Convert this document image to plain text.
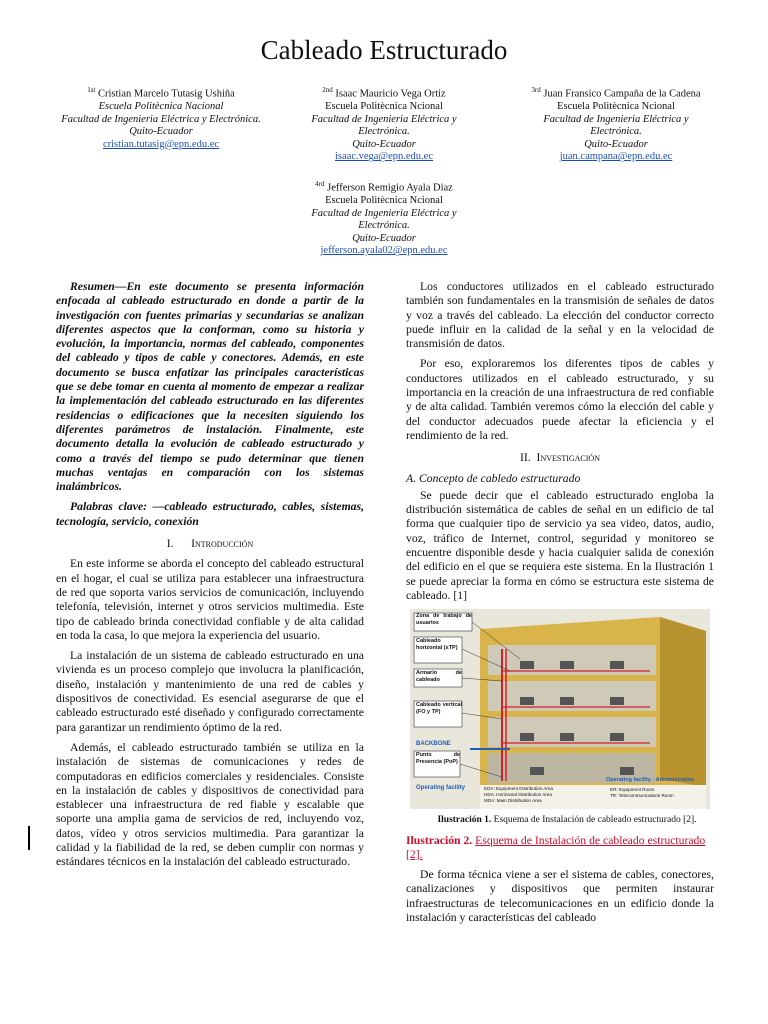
Cableado Estructurado
$^{1st}$ Cristian Marcelo Tutasig Ushiña
Escuela Politècnica Nacional
Facultad de Ingenieria Eléctrica y Electrónica.
Quito-Ecuador
cristian.tutasig@epn.edu.ec
$^{2nd}$ Isaac Mauricio Vega Ortiz
Escuela Politècnica Ncional
Facultad de Ingenieria Eléctrica y Electrónica.
Quito-Ecuador
isaac.vega@epn.edu.ec
$^{3rd}$ Juan Fransico Campaña de la Cadena
Escuela Politècnica Ncional
Facultad de Ingenieria Eléctrica y Electrónica.
Quito-Ecuador
juan.campana@epn.edu.ec
$^{4rd}$ Jefferson Remigio Ayala Diaz
Escuela Politècnica Ncional
Facultad de Ingenieria Eléctrica y Electrónica.
Quito-Ecuador
jefferson.ayala02@epn.edu.ec

Resumen—En este documento se presenta información enfocada al cableado estructurado en donde a partir de la investigación con fuentes primarias y secundarias se analizan diferentes aspectos que la conforman, como su historia y evolución, la importancia, normas del cableado, componentes del cableado y tipos de cable y conectores. Además, en este documento se busca enfatizar las principales características que se debe tomar en cuenta al momento de empezar a realizar la implementación del cableado estructurado en las diferentes residencias o edificaciones que la necesiten siguiendo los diferentes parámetros de instalación. Finalmente, este documento detalla la evolución de cableado estructurado y como a través del tiempo se pudo determinar que tienen muchas ventajas en comparación con los sistemas inalámbricos.

Palabras clave: —cableado estructurado, cables, sistemas, tecnología, servicio, conexión

I. Introducción

En este informe se aborda el concepto del cableado estructural en el hogar, el cual se utiliza para establecer una infraestructura de red que soporta varios servicios de comunicación, incluyendo telefonía, televisión, internet y otros servicios multimedia. Este tipo de cableado brinda conectividad confiable y de alta calidad en toda la casa, lo que mejora la experiencia del usuario.

La instalación de un sistema de cableado estructurado en una vivienda es un proceso complejo que involucra la planificación, diseño, instalación y mantenimiento de una red de cables y dispositivos de conectividad. Es esencial asegurarse de que el cableado estructurado esté diseñado y configurado correctamente para garantizar un rendimiento óptimo de la red.

Además, el cableado estructurado también se utiliza en la instalación de sistemas de comunicaciones y redes de computadoras en edificios comerciales y residenciales. Consiste en la instalación de cables y dispositivos de conectividad para establecer una infraestructura de red fiable y escalable que soporte una amplia gama de servicios de red, incluyendo voz, datos, vídeo y otros servicios multimedia. Para garantizar la calidad y la fiabilidad de la red, se deben cumplir con normas y estándares técnicos en la instalación del cableado estructurado.

Los conductores utilizados en el cableado estructurado también son fundamentales en la transmisión de señales de datos y voz a través del cableado. La elección del conductor correcto puede influir en la calidad de la señal y en la velocidad de transmisión de datos.

Por eso, exploraremos los diferentes tipos de cables y conductores utilizados en el cableado estructurado, y su importancia en la creación de una infraestructura de red confiable y de alta calidad. También veremos cómo la elección del cable y del conductor adecuados puede afectar la eficiencia y el rendimiento de la red.

II. Investigación

A. Concepto de cabledo estructurado

Se puede decir que el cableado estructurado engloba la distribución sistemática de cables de señal en un edificio de tal forma que cualquier tipo de servicio ya sea video, datos, audio, voz, tráfico de Internet, control, seguridad y monitoreo se encuentre disponible desde y hacia cualquier salida de conexión del edificio en el que se requiera este sistema. En la Ilustración 1 se puede apreciar la forma en cómo se estructura este sistema de cableado. [1]

Zona de trabajo de usuarios
Cableado horizontal (xTP)
Armario de cableado
Cableado vertical (FO y TP)
BACKBONE
Punto de Presencia (PoP)
Operating facility
Operating facility - Administration
EDA: Equipment Distribution Area
HDA: Horizontal Distribution Area
MDA: Main Distribution Area
ER: Equipment Room
TR: Telecommunications Room

Ilustración 1. Esquema de Instalación de cableado estructurado [2].

Ilustración 2. Esquema de Instalación de cableado estructurado [2].

De forma técnica viene a ser el sistema de cables, conectores, canalizaciones y dispositivos que permiten instaurar infraestructuras de telecomunicaciones en un edificio donde la instalación y características del cableado
